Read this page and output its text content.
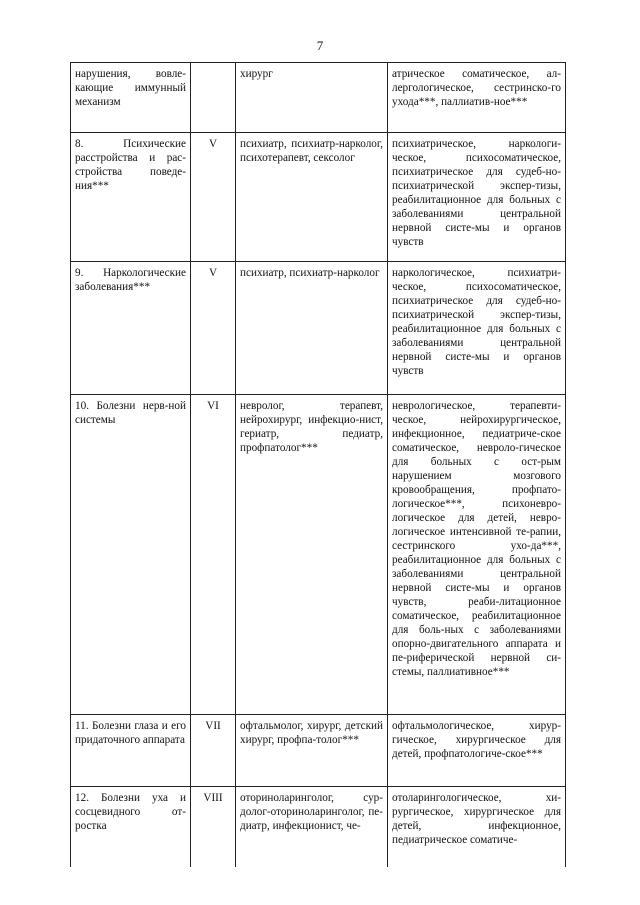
7
нарушения, вовле-кающие иммунный механизм		хирург	атрическое соматическое, ал-лергологическое, сестринско-го ухода***, паллиатив-ное***
8. Психические расстройства и рас-стройства поведе-ния***	V	психиатр, психиатр-нарколог, психотерапевт, сексолог	психиатрическое, наркологи-ческое, психосоматическое, психиатрическое для судеб-но-психиатрической экспер-тизы, реабилитационное для больных с заболеваниями центральной нервной систе-мы и органов чувств
9. Наркологические заболевания***	V	психиатр, психиатр-нарколог	наркологическое, психиатри-ческое, психосоматическое, психиатрическое для судеб-но-психиатрической экспер-тизы, реабилитационное для больных с заболеваниями центральной нервной систе-мы и органов чувств
10. Болезни нерв-ной системы	VI	невролог, терапевт, нейрохирург, инфекцио-нист, гериатр, педиатр, профпатолог***	неврологическое, терапевти-ческое, нейрохирургическое, инфекционное, педиатриче-ское соматическое, невроло-гическое для больных с ост-рым нарушением мозгового кровообращения, профпато-логическое***, психоневро-логическое для детей, невро-логическое интенсивной те-рапии, сестринского ухо-да***, реабилитационное для больных с заболеваниями центральной нервной систе-мы и органов чувств, реаби-литационное соматическое, реабилитационное для боль-ных с заболеваниями опорно-двигательного аппарата и пе-риферической нервной си-стемы, паллиативное***
11. Болезни глаза и его придаточного аппарата	VII	офтальмолог, хирург, детский хирург, профпа-толог***	офтальмологическое, хирур-гическое, хирургическое для детей, профпатологиче-ское***
12. Болезни уха и сосцевидного от-ростка	VIII	оториноларинголог, сур-долог-оториноларинголог, пе-диатр, инфекционист, че-	отоларингологическое, хи-рургическое, хирургическое для детей, инфекционное, педиатрическое соматиче-
